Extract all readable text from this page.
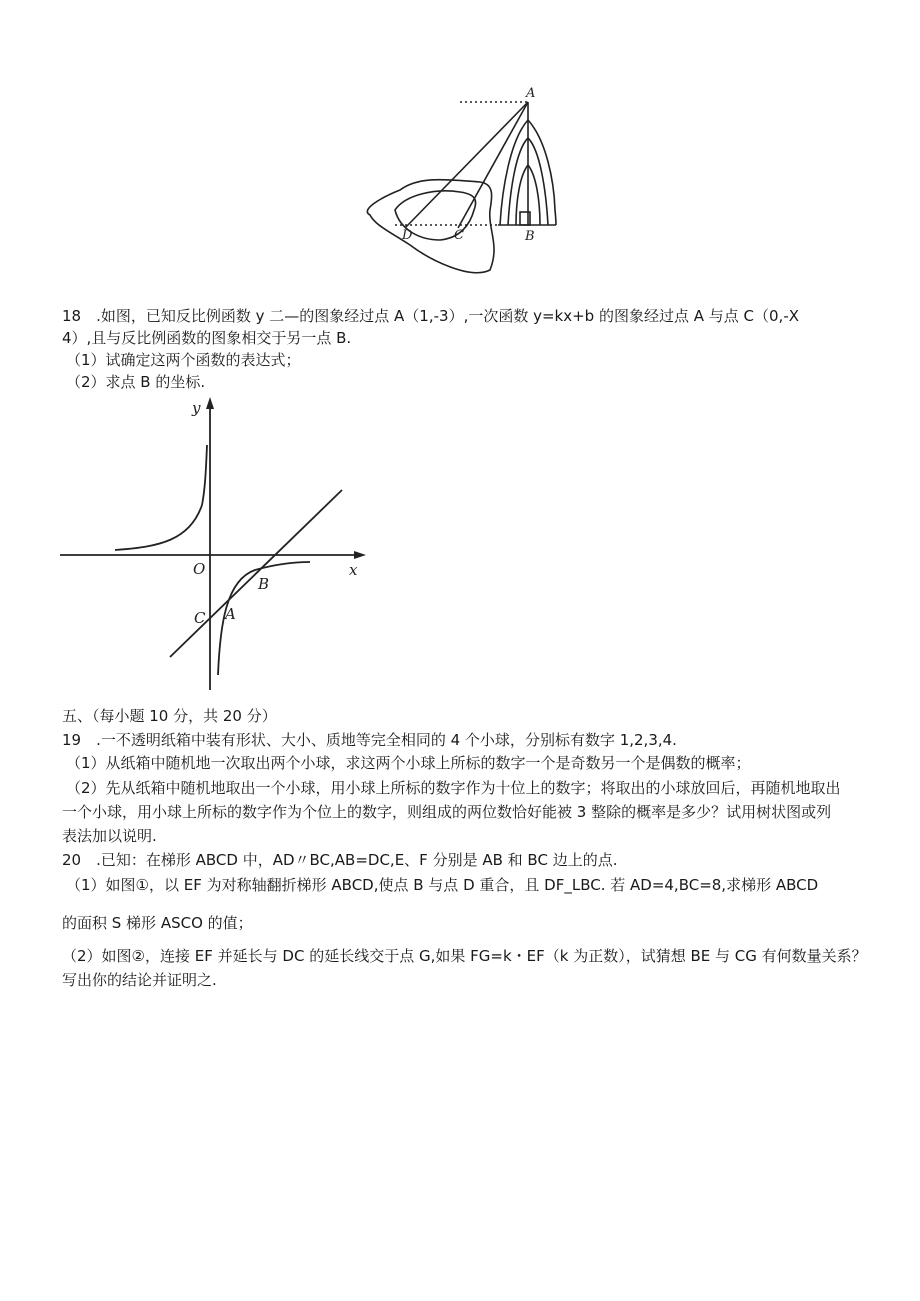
A
B
C
D
18　.如图，已知反比例函数 y 二—的图象经过点 A（1,-3）,一次函数 y=kx+b 的图象经过点 A 与点 C（0,-X
4）,且与反比例函数的图象相交于另一点 B.
（1）试确定这两个函数的表达式；
（2）求点 B 的坐标.
y
x
O
B
C A
五、（每小题 10 分，共 20 分）
19　.一不透明纸箱中装有形状、大小、质地等完全相同的 4 个小球，分别标有数字 1,2,3,4.
（1）从纸箱中随机地一次取出两个小球，求这两个小球上所标的数字一个是奇数另一个是偶数的概率；
（2）先从纸箱中随机地取出一个小球，用小球上所标的数字作为十位上的数字；将取出的小球放回后，再随机地取出
一个小球，用小球上所标的数字作为个位上的数字，则组成的两位数恰好能被 3 整除的概率是多少？试用树状图或列
表法加以说明.
20　.已知：在梯形 ABCD 中，AD〃BC,AB=DC,E、F 分别是 AB 和 BC 边上的点.
（1）如图①，以 EF 为对称轴翻折梯形 ABCD,使点 B 与点 D 重合，且 DF_LBC. 若 AD=4,BC=8,求梯形 ABCD
的面积 S 梯形 ASCO 的值；
（2）如图②，连接 EF 并延长与 DC 的延长线交于点 G,如果 FG=k・EF（k 为正数），试猜想 BE 与 CG 有何数量关系？
写出你的结论并证明之.
